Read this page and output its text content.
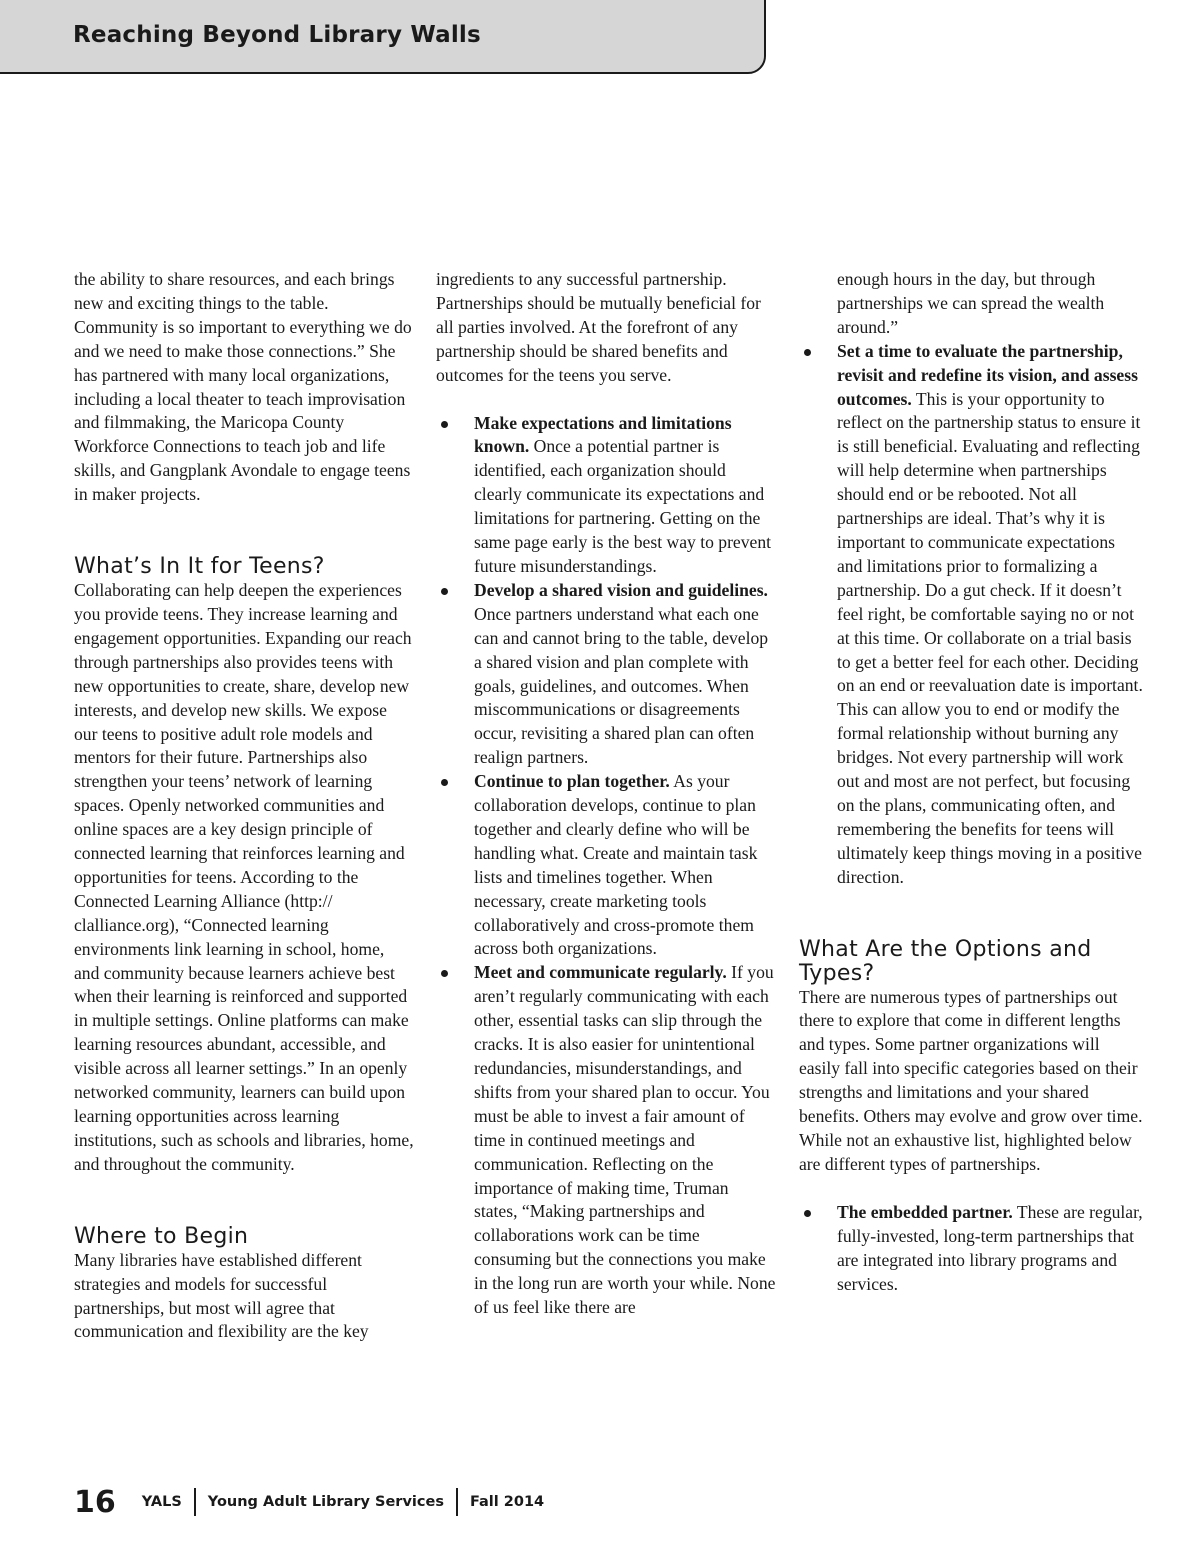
Reaching Beyond Library Walls

the ability to share resources, and each brings new and exciting things to the table. Community is so important to everything we do and we need to make those connections.” She has partnered with many local organizations, including a local theater to teach improvisation and filmmaking, the Maricopa County Workforce Connections to teach job and life skills, and Gangplank Avondale to engage teens in maker projects.

What’s In It for Teens?

Collaborating can help deepen the experiences you provide teens. They increase learning and engagement opportunities. Expanding our reach through partnerships also provides teens with new opportunities to create, share, develop new interests, and develop new skills. We expose our teens to positive adult role models and mentors for their future. Partnerships also strengthen your teens’ network of learning spaces. Openly networked communities and online spaces are a key design principle of connected learning that reinforces learning and opportunities for teens. According to the Connected Learning Alliance (http:// clalliance.org), “Connected learning environments link learning in school, home, and community because learners achieve best when their learning is reinforced and supported in multiple settings. Online platforms can make learning resources abundant, accessible, and visible across all learner settings.” In an openly networked community, learners can build upon learning opportunities across learning institutions, such as schools and libraries, home, and throughout the community.

Where to Begin

Many libraries have established different strategies and models for successful partnerships, but most will agree that communication and flexibility are the key

ingredients to any successful partnership. Partnerships should be mutually beneficial for all parties involved. At the forefront of any partnership should be shared benefits and outcomes for the teens you serve.

Make expectations and limitations known. Once a potential partner is identified, each organization should clearly communicate its expectations and limitations for partnering. Getting on the same page early is the best way to prevent future misunderstandings.
Develop a shared vision and guidelines. Once partners understand what each one can and cannot bring to the table, develop a shared vision and plan complete with goals, guidelines, and outcomes. When miscommunications or disagreements occur, revisiting a shared plan can often realign partners.
Continue to plan together. As your collaboration develops, continue to plan together and clearly define who will be handling what. Create and maintain task lists and timelines together. When necessary, create marketing tools collaboratively and cross-promote them across both organizations.
Meet and communicate regularly. If you aren’t regularly communicating with each other, essential tasks can slip through the cracks. It is also easier for unintentional redundancies, misunderstandings, and shifts from your shared plan to occur. You must be able to invest a fair amount of time in continued meetings and communication. Reflecting on the importance of making time, Truman states, “Making partnerships and collaborations work can be time consuming but the connections you make in the long run are worth your while. None of us feel like there are
enough hours in the day, but through partnerships we can spread the wealth around.”
Set a time to evaluate the partnership, revisit and redefine its vision, and assess outcomes. This is your opportunity to reflect on the partnership status to ensure it is still beneficial. Evaluating and reflecting will help determine when partnerships should end or be rebooted. Not all partnerships are ideal. That’s why it is important to communicate expectations and limitations prior to formalizing a partnership. Do a gut check. If it doesn’t feel right, be comfortable saying no or not at this time. Or collaborate on a trial basis to get a better feel for each other. Deciding on an end or reevaluation date is important. This can allow you to end or modify the formal relationship without burning any bridges. Not every partnership will work out and most are not perfect, but focusing on the plans, communicating often, and remembering the benefits for teens will ultimately keep things moving in a positive direction.
What Are the Options and Types?

There are numerous types of partnerships out there to explore that come in different lengths and types. Some partner organizations will easily fall into specific categories based on their strengths and limitations and your shared benefits. Others may evolve and grow over time. While not an exhaustive list, highlighted below are different types of partnerships.

The embedded partner. These are regular, fully-invested, long-term partnerships that are integrated into library programs and services.
16 YALS Young Adult Library Services Fall 2014
